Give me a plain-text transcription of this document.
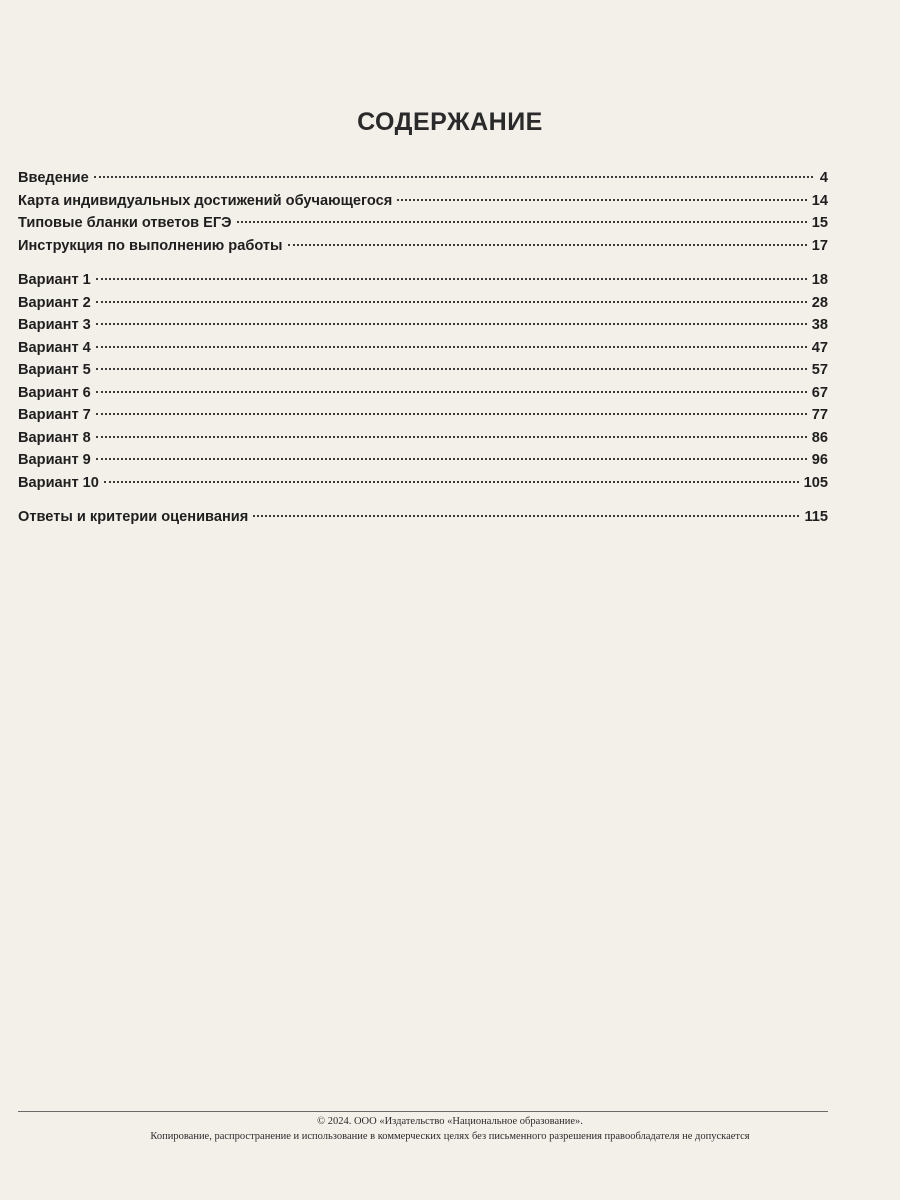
СОДЕРЖАНИЕ
Введение	4
Карта индивидуальных достижений обучающегося	14
Типовые бланки ответов ЕГЭ	15
Инструкция по выполнению работы	17
Вариант 1	18
Вариант 2	28
Вариант 3	38
Вариант 4	47
Вариант 5	57
Вариант 6	67
Вариант 7	77
Вариант 8	86
Вариант 9	96
Вариант 10	105
Ответы и критерии оценивания	115
© 2024. ООО «Издательство «Национальное образование».
Копирование, распространение и использование в коммерческих целях без письменного разрешения правообладателя не допускается
